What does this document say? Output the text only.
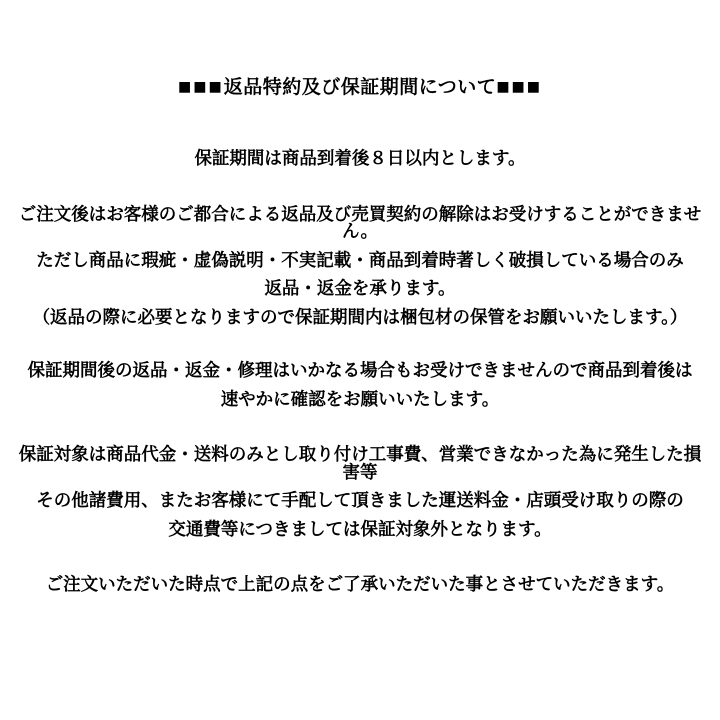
■■■返品特約及び保証期間について■■■
保証期間は商品到着後８日以内とします。
ご注文後はお客様のご都合による返品及び売買契約の解除はお受けすることができません。
ただし商品に瑕疵・虚偽説明・不実記載・商品到着時著しく破損している場合のみ
返品・返金を承ります。
（返品の際に必要となりますので保証期間内は梱包材の保管をお願いいたします。）
保証期間後の返品・返金・修理はいかなる場合もお受けできませんので商品到着後は
速やかに確認をお願いいたします。
保証対象は商品代金・送料のみとし取り付け工事費、営業できなかった為に発生した損害等
その他諸費用、またお客様にて手配して頂きました運送料金・店頭受け取りの際の
交通費等につきましては保証対象外となります。
ご注文いただいた時点で上記の点をご了承いただいた事とさせていただきます。
